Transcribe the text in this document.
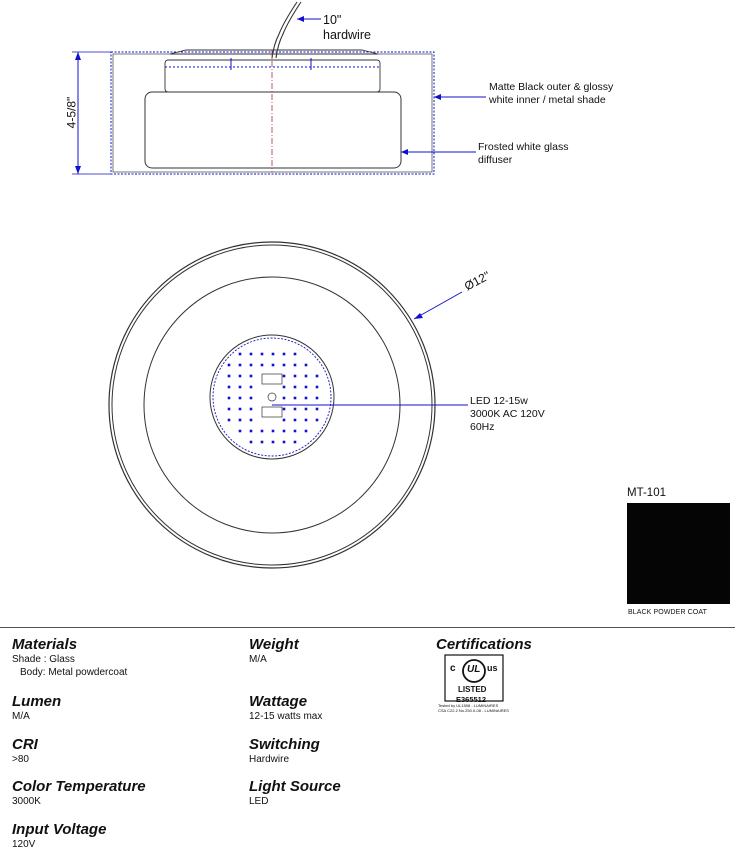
10"
hardwire
4-5/8"
Matte Black outer & glossy
white inner / metal shade
Frosted white glass
diffuser
Ø12"
LED 12-15w
3000K AC 120V
60Hz
MT-101
BLACK POWDER COAT
Materials
Shade : Glass
Body: Metal powdercoat
Lumen
M/A
CRI
>80
Color Temperature
3000K
Input Voltage
120V
Weight
M/A
Wattage
12-15 watts max
Switching
Hardwire
Light Source
LED
Certifications
c UL us
LISTED
E365512
Tested by UL1598 - LUMINAIRES
CSA C22.2 No.250.0-08 - LUMINAIRES
